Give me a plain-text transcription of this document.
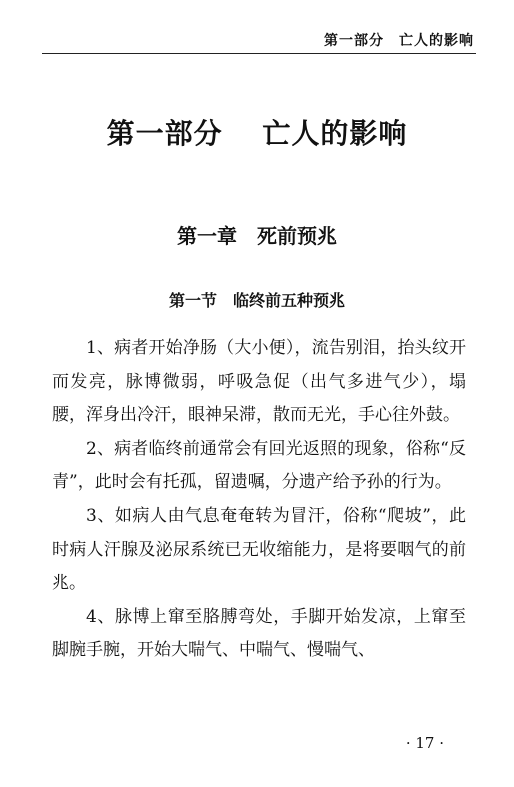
第一部分　亡人的影响
第一部分　 亡人的影响
第一章　死前预兆
第一节　临终前五种预兆

1、病者开始净肠（大小便），流告别泪，抬头纹开而发亮，脉博微弱，呼吸急促（出气多进气少），塌腰，浑身出冷汗，眼神呆滞，散而无光，手心往外鼓。

2、病者临终前通常会有回光返照的现象，俗称“反青”，此时会有托孤，留遗嘱，分遗产给予孙的行为。

3、如病人由气息奄奄转为冒汗，俗称“爬坡”，此时病人汗腺及泌尿系统已无收缩能力，是将要咽气的前兆。

4、脉博上窜至胳膊弯处，手脚开始发凉，上窜至脚腕手腕，开始大喘气、中喘气、慢喘气、

· 17 ·
